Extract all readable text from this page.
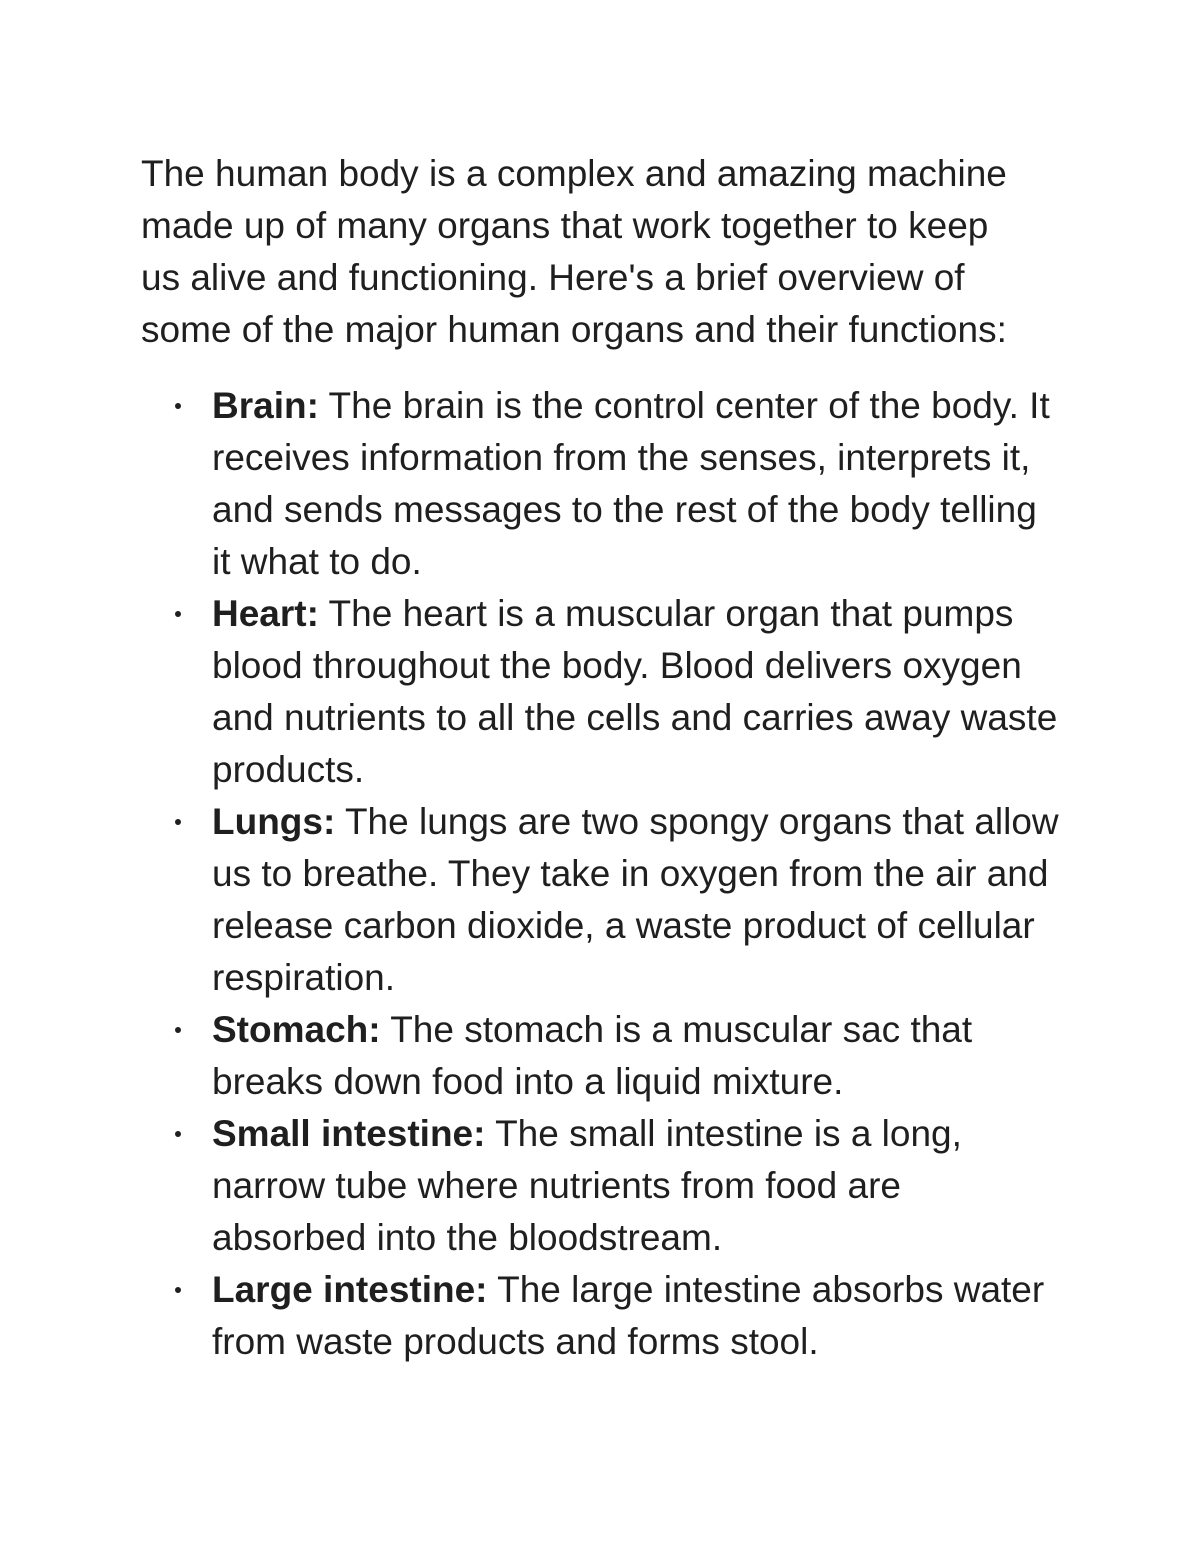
The human body is a complex and amazing machine made up of many organs that work together to keep us alive and functioning. Here's a brief overview of some of the major human organs and their functions:

Brain: The brain is the control center of the body. It receives information from the senses, interprets it, and sends messages to the rest of the body telling it what to do.
Heart: The heart is a muscular organ that pumps blood throughout the body. Blood delivers oxygen and nutrients to all the cells and carries away waste products.
Lungs: The lungs are two spongy organs that allow us to breathe. They take in oxygen from the air and release carbon dioxide, a waste product of cellular respiration.
Stomach: The stomach is a muscular sac that breaks down food into a liquid mixture.
Small intestine: The small intestine is a long, narrow tube where nutrients from food are absorbed into the bloodstream.
Large intestine: The large intestine absorbs water from waste products and forms stool.
